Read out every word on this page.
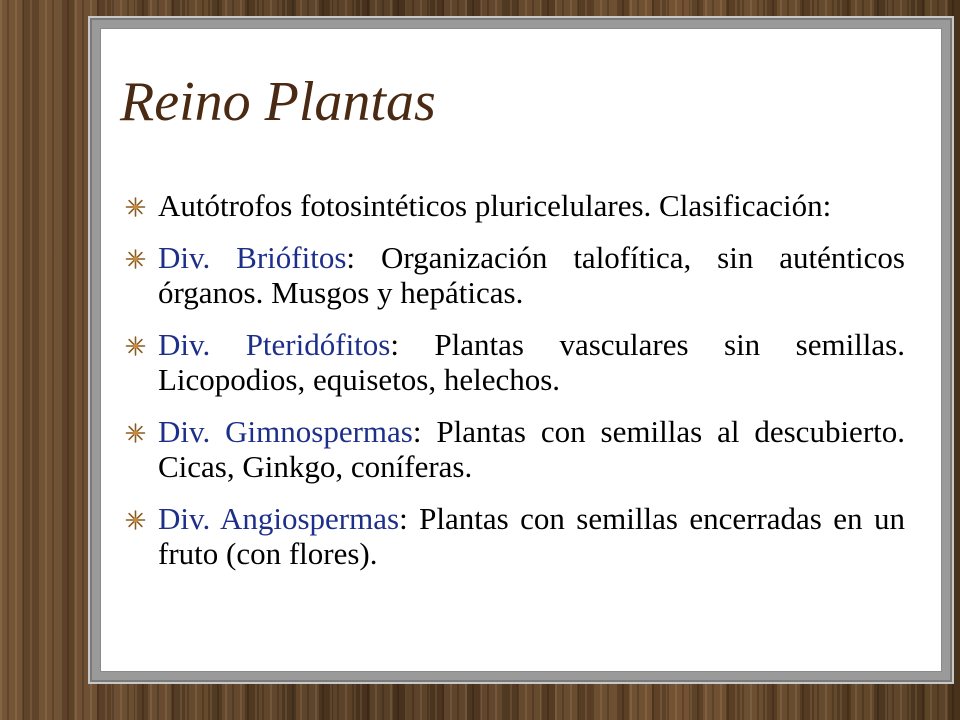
Reino Plantas
Autótrofos fotosintéticos pluricelulares. Clasificación:
Div. Briófitos: Organización talofítica, sin auténticos órganos. Musgos y hepáticas.
Div. Pteridófitos: Plantas vasculares sin semillas. Licopodios, equisetos, helechos.
Div. Gimnospermas: Plantas con semillas al descubierto. Cicas, Ginkgo, coníferas.
Div. Angiospermas: Plantas con semillas encerradas en un fruto (con flores).
